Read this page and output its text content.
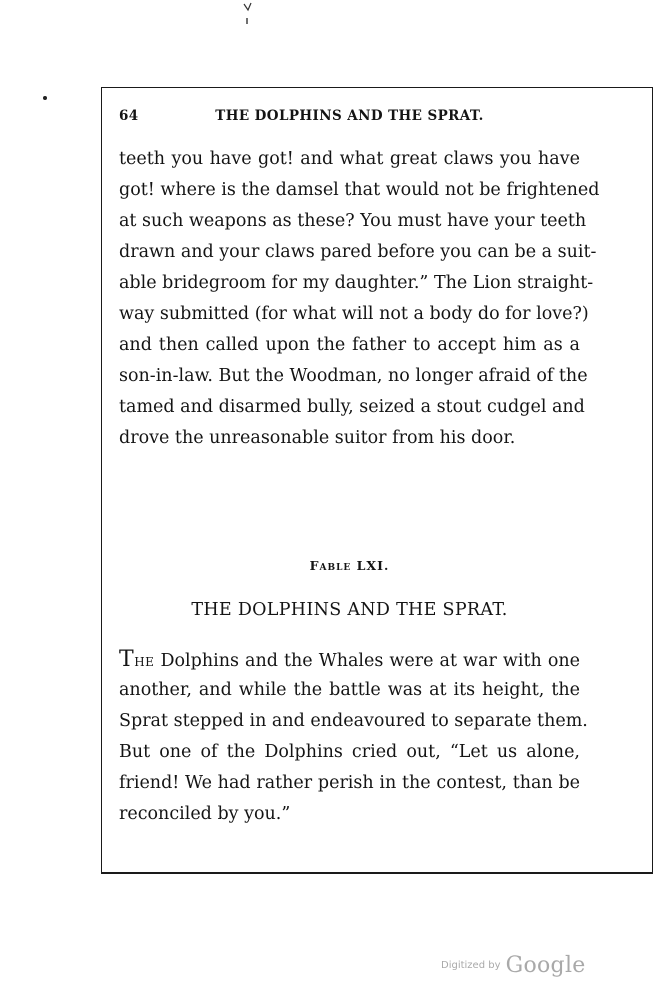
64	THE DOLPHINS AND THE SPRAT.
teeth you have got! and what great claws you have
got! where is the damsel that would not be frightened
at such weapons as these? You must have your teeth
drawn and your claws pared before you can be a suit-
able bridegroom for my daughter.” The Lion straight-
way submitted (for what will not a body do for love?)
and then called upon the father to accept him as a
son-in-law. But the Woodman, no longer afraid of the
tamed and disarmed bully, seized a stout cudgel and
drove the unreasonable suitor from his door.
Fable LXI.
THE DOLPHINS AND THE SPRAT.
The Dolphins and the Whales were at war with one
another, and while the battle was at its height, the
Sprat stepped in and endeavoured to separate them.
But one of the Dolphins cried out, “Let us alone,
friend! We had rather perish in the contest, than be
reconciled by you.”
Digitized by Google
